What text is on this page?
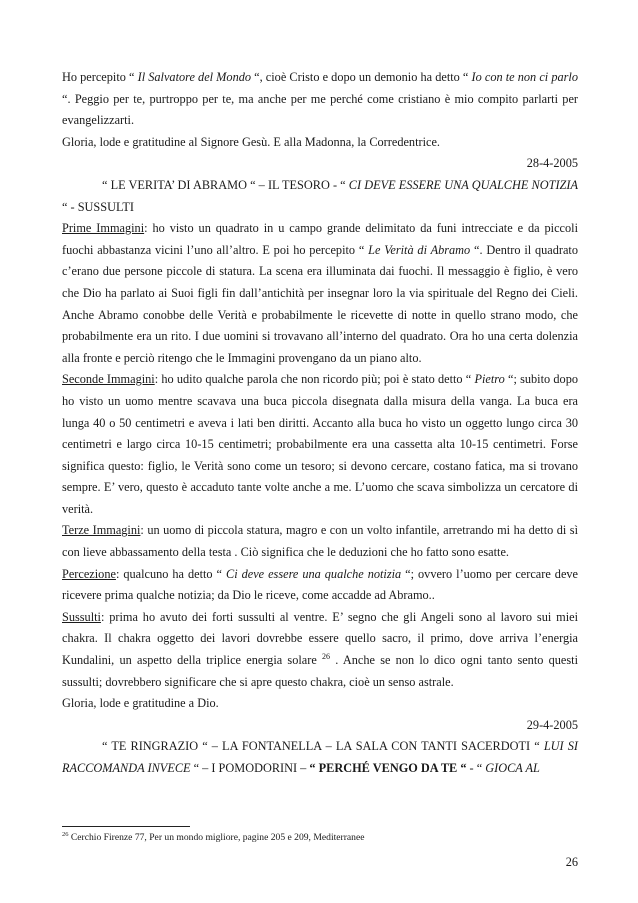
Ho percepito “ Il Salvatore del Mondo “, cioè Cristo e dopo un demonio ha detto “ Io con te non ci parlo “. Peggio per te, purtroppo per te, ma anche per me perché come cristiano è mio compito parlarti per evangelizzarti.

Gloria, lode e gratitudine al Signore Gesù. E alla Madonna, la Corredentrice.

28-4-2005

“ LE VERITA’ DI ABRAMO “ – IL TESORO - “ CI DEVE ESSERE UNA QUALCHE NOTIZIA “ - SUSSULTI

Prime Immagini: ho visto un quadrato in u campo grande delimitato da funi intrecciate e da piccoli fuochi abbastanza vicini l’uno all’altro. E poi ho percepito “ Le Verità di Abramo “. Dentro il quadrato c’erano due persone piccole di statura. La scena era illuminata dai fuochi. Il messaggio è figlio, è vero che Dio ha parlato ai Suoi figli fin dall’antichità per insegnar loro la via spirituale del Regno dei Cieli. Anche Abramo conobbe delle Verità e probabilmente le ricevette di notte in quello strano modo, che probabilmente era un rito. I due uomini si trovavano all’interno del quadrato. Ora ho una certa dolenzia alla fronte e perciò ritengo che le Immagini provengano da un piano alto.

Seconde Immagini: ho udito qualche parola che non ricordo più; poi è stato detto “ Pietro “; subito dopo ho visto un uomo mentre scavava una buca piccola disegnata dalla misura della vanga. La buca era lunga 40 o 50 centimetri e aveva i lati ben diritti. Accanto alla buca ho visto un oggetto lungo circa 30 centimetri e largo circa 10-15 centimetri; probabilmente era una cassetta alta 10-15 centimetri. Forse significa questo: figlio, le Verità sono come un tesoro; si devono cercare, costano fatica, ma si trovano sempre. E’ vero, questo è accaduto tante volte anche a me. L’uomo che scava simbolizza un cercatore di verità.

Terze Immagini: un uomo di piccola statura, magro e con un volto infantile, arretrando mi ha detto di sì con lieve abbassamento della testa . Ciò significa che le deduzioni che ho fatto sono esatte.

Percezione: qualcuno ha detto “ Ci deve essere una qualche notizia “; ovvero l’uomo per cercare deve ricevere prima qualche notizia; da Dio le riceve, come accadde ad Abramo..

Sussulti: prima ho avuto dei forti sussulti al ventre. E’ segno che gli Angeli sono al lavoro sui miei chakra. Il chakra oggetto dei lavori dovrebbe essere quello sacro, il primo, dove arriva l’energia Kundalini, un aspetto della triplice energia solare $^{26}$ . Anche se non lo dico ogni tanto sento questi sussulti; dovrebbero significare che si apre questo chakra, cioè un senso astrale.

Gloria, lode e gratitudine a Dio.

29-4-2005

“ TE RINGRAZIO “ – LA FONTANELLA – LA SALA CON TANTI SACERDOTI “ LUI SI RACCOMANDA INVECE “ – I POMODORINI – “ PERCHÉ VENGO DA TE “ - “ GIOCA AL

$^{26}$ Cerchio Firenze 77, Per un mondo migliore, pagine 205 e 209, Mediterranee
26
